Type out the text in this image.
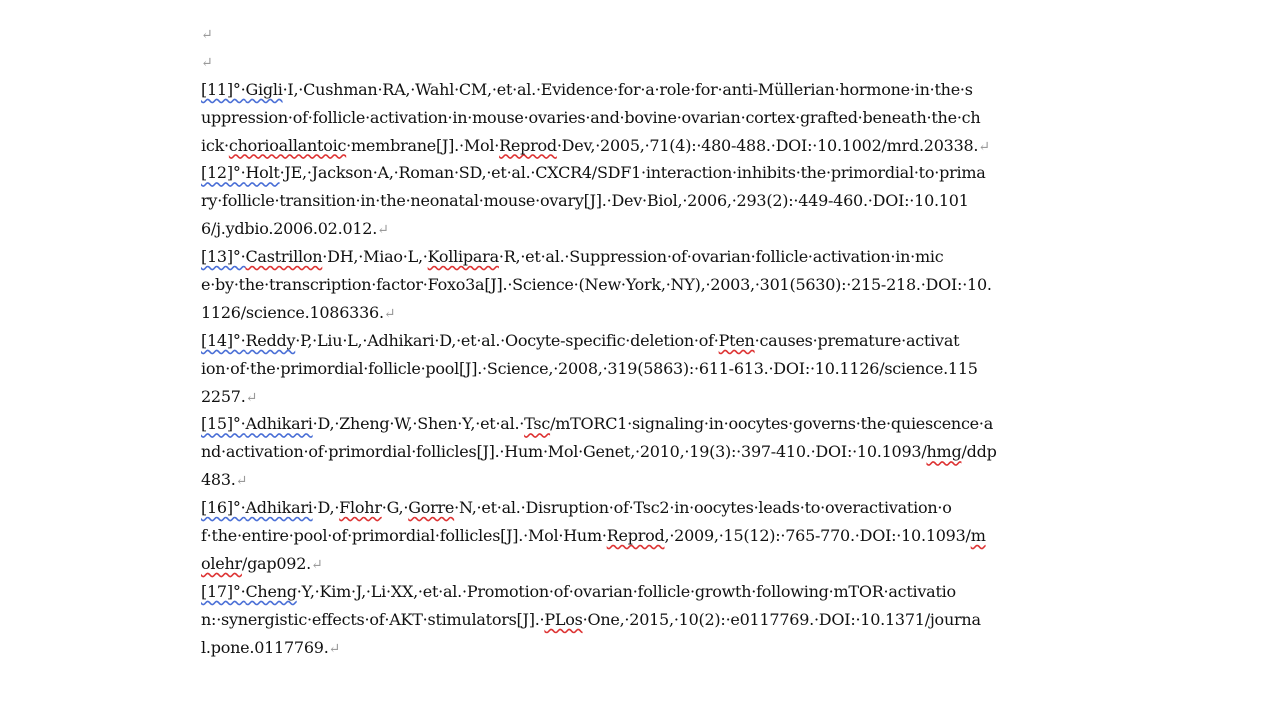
↵
↵
[11]°·Gigli·I,·Cushman·RA,·Wahl·CM,·et·al.·Evidence·for·a·role·for·anti-Müllerian·hormone·in·the·s
uppression·of·follicle·activation·in·mouse·ovaries·and·bovine·ovarian·cortex·grafted·beneath·the·ch
ick·chorioallantoic·membrane[J].·Mol·Reprod·Dev,·2005,·71(4):·480-488.·DOI:·10.1002/mrd.20338.↵
[12]°·Holt·JE,·Jackson·A,·Roman·SD,·et·al.·CXCR4/SDF1·interaction·inhibits·the·primordial·to·prima
ry·follicle·transition·in·the·neonatal·mouse·ovary[J].·Dev·Biol,·2006,·293(2):·449-460.·DOI:·10.101
6/j.ydbio.2006.02.012.↵
[13]°·Castrillon·DH,·Miao·L,·Kollipara·R,·et·al.·Suppression·of·ovarian·follicle·activation·in·mic
e·by·the·transcription·factor·Foxo3a[J].·Science·(New·York,·NY),·2003,·301(5630):·215-218.·DOI:·10.
1126/science.1086336.↵
[14]°·Reddy·P,·Liu·L,·Adhikari·D,·et·al.·Oocyte-specific·deletion·of·Pten·causes·premature·activat
ion·of·the·primordial·follicle·pool[J].·Science,·2008,·319(5863):·611-613.·DOI:·10.1126/science.115
2257.↵
[15]°·Adhikari·D,·Zheng·W,·Shen·Y,·et·al.·Tsc/mTORC1·signaling·in·oocytes·governs·the·quiescence·a
nd·activation·of·primordial·follicles[J].·Hum·Mol·Genet,·2010,·19(3):·397-410.·DOI:·10.1093/hmg/ddp
483.↵
[16]°·Adhikari·D,·Flohr·G,·Gorre·N,·et·al.·Disruption·of·Tsc2·in·oocytes·leads·to·overactivation·o
f·the·entire·pool·of·primordial·follicles[J].·Mol·Hum·Reprod,·2009,·15(12):·765-770.·DOI:·10.1093/m
olehr/gap092.↵
[17]°·Cheng·Y,·Kim·J,·Li·XX,·et·al.·Promotion·of·ovarian·follicle·growth·following·mTOR·activatio
n:·synergistic·effects·of·AKT·stimulators[J].·PLos·One,·2015,·10(2):·e0117769.·DOI:·10.1371/journa
l.pone.0117769.↵
